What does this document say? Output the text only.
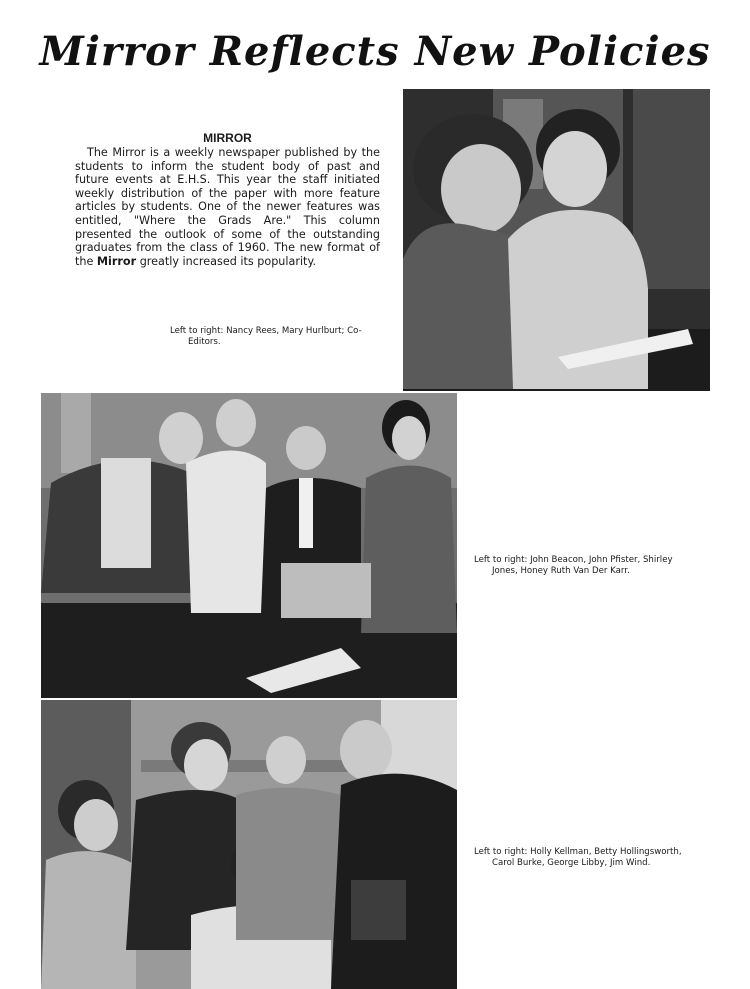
Mirror Reflects New Policies
MIRROR
The Mirror is a weekly newspaper published by the students to inform the student body of past and future events at E.H.S. This year the staff initiated weekly distribution of the paper with more feature articles by students. One of the newer features was entitled, "Where the Grads Are." This column presented the outlook of some of the outstanding graduates from the class of 1960. The new format of the Mirror greatly increased its popularity.
Left to right: Nancy Rees, Mary Hurlburt; Co-
Editors.
Left to right: John Beacon, John Pfister, Shirley
Jones, Honey Ruth Van Der Karr.
Left to right: Holly Kellman, Betty Hollingsworth,
Carol Burke, George Libby, Jim Wind.
